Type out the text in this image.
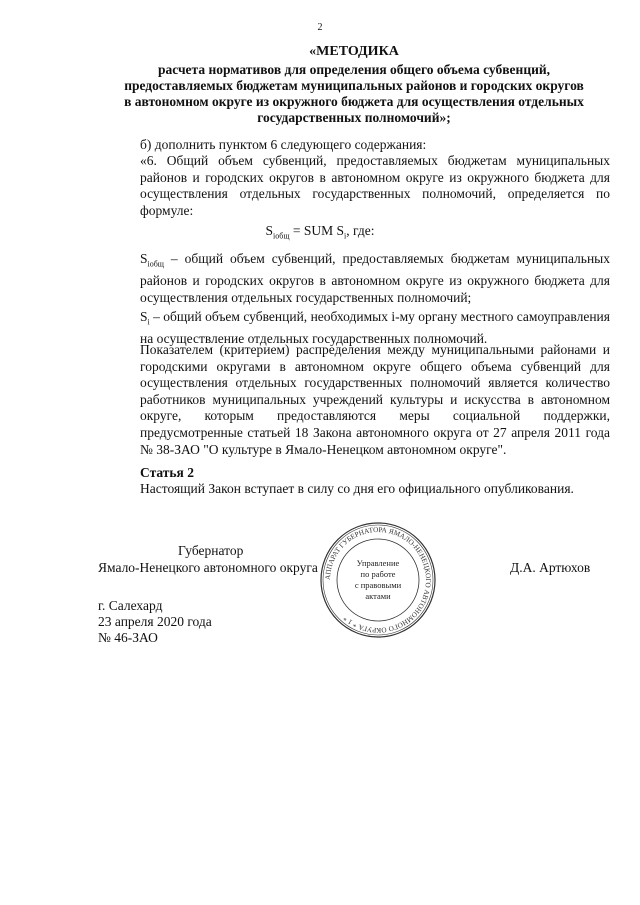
2
«МЕТОДИКА
расчета нормативов для определения общего объема субвенций,
предоставляемых бюджетам муниципальных районов и городских округов
в автономном округе из окружного бюджета для осуществления отдельных
государственных полномочий»;
б) дополнить пунктом 6 следующего содержания:
«6. Общий объем субвенций, предоставляемых бюджетам муниципальных районов и городских округов в автономном округе из окружного бюджета для осуществления отдельных государственных полномочий, определяется по формуле:
$S_{iобщ}$ = SUM $S_i$, где:
$S_{iобщ}$ – общий объем субвенций, предоставляемых бюджетам муниципальных районов и городских округов в автономном округе из окружного бюджета для осуществления отдельных государственных полномочий;
$S_i$ – общий объем субвенций, необходимых i-му органу местного самоуправления на осуществление отдельных государственных полномочий.
Показателем (критерием) распределения между муниципальными районами и городскими округами в автономном округе общего объема субвенций для осуществления отдельных государственных полномочий является количество работников муниципальных учреждений культуры и искусства в автономном округе, которым предоставляются меры социальной поддержки, предусмотренные статьей 18 Закона автономного округа от 27 апреля 2011 года № 38-ЗАО "О культуре в Ямало-Ненецком автономном округе".
Статья 2
Настоящий Закон вступает в силу со дня его официального опубликования.
Губернатор
Ямало-Ненецкого автономного округа	Д.А. Артюхов
АППАРАТ ГУБЕРНАТОРА ЯМАЛО-НЕНЕЦКОГО АВТОНОМНОГО ОКРУГА * 1 *
Управление
по работе
с правовыми
актами
г. Салехард
23 апреля 2020 года
№ 46-ЗАО
